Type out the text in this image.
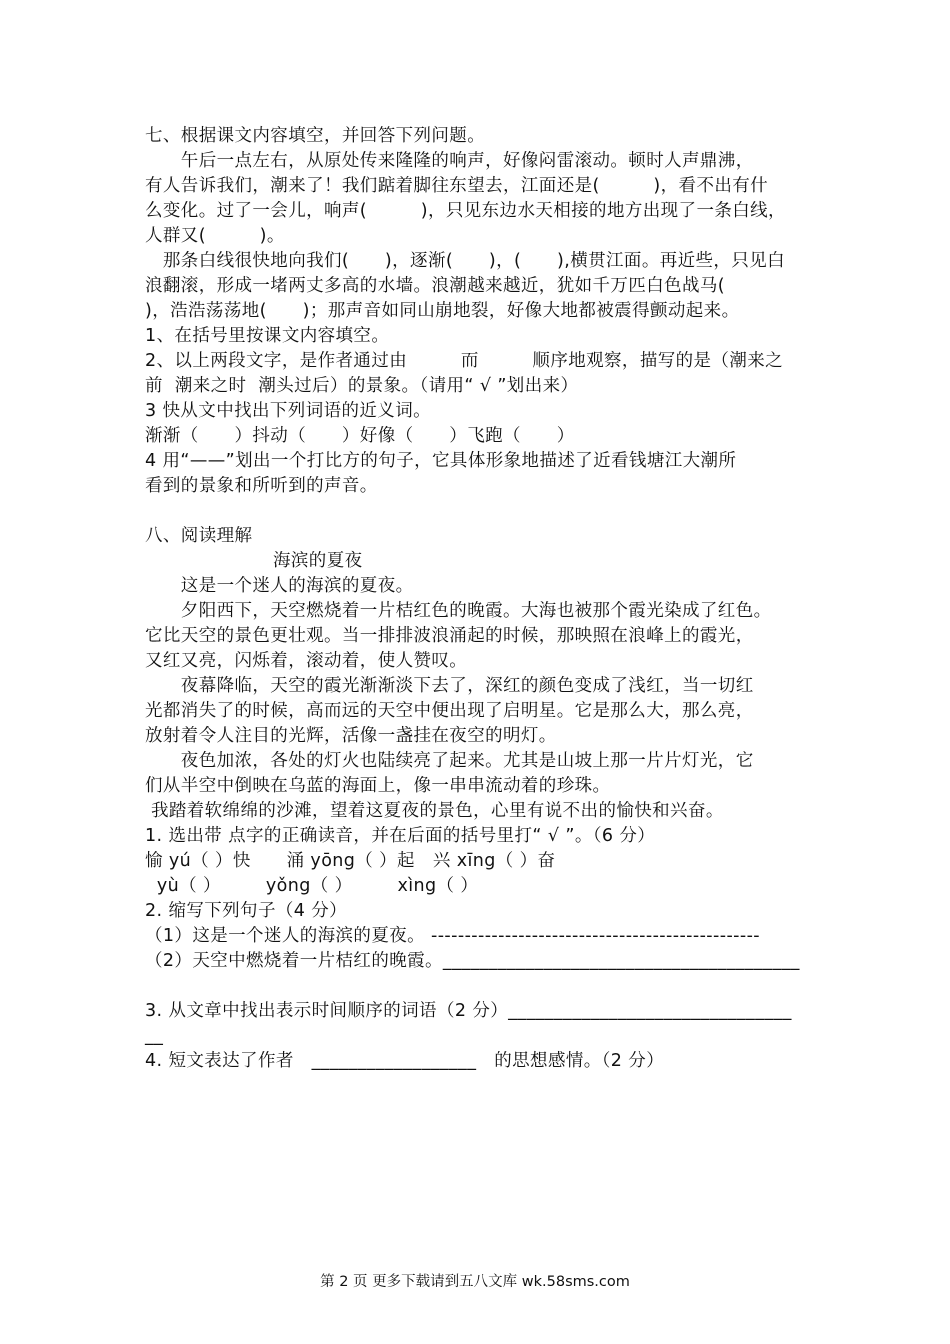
七、根据课文内容填空，并回答下列问题。
　　午后一点左右，从原处传来隆隆的响声，好像闷雷滚动。顿时人声鼎沸，
有人告诉我们，潮来了！我们踮着脚往东望去，江面还是(　　　)，看不出有什
么变化。过了一会儿，响声(　　　)，只见东边水天相接的地方出现了一条白线，
人群又(　　　)。
　那条白线很快地向我们(　　)，逐渐(　　)，(　　),横贯江面。再近些，只见白
浪翻滚，形成一堵两丈多高的水墙。浪潮越来越近，犹如千万匹白色战马(
)，浩浩荡荡地(　　)；那声音如同山崩地裂，好像大地都被震得颤动起来。
1、在括号里按课文内容填空。
2、以上两段文字，是作者通过由　　　而　　　顺序地观察，描写的是（潮来之
前  潮来之时  潮头过后）的景象。（请用“ √ ”划出来）
3 快从文中找出下列词语的近义词。
渐渐（　　）抖动（　　）好像（　　）飞跑（　　）
4 用“——”划出一个打比方的句子，它具体形象地描述了近看钱塘江大潮所
看到的景象和所听到的声音。
八、阅读理解
海滨的夏夜
　　这是一个迷人的海滨的夏夜。
　　夕阳西下，天空燃烧着一片桔红色的晚霞。大海也被那个霞光染成了红色。
它比天空的景色更壮观。当一排排波浪涌起的时候，那映照在浪峰上的霞光，
又红又亮，闪烁着，滚动着，使人赞叹。
　　夜幕降临，天空的霞光渐渐淡下去了，深红的颜色变成了浅红，当一切红
光都消失了的时候，高而远的天空中便出现了启明星。它是那么大，那么亮，
放射着令人注目的光辉，活像一盏挂在夜空的明灯。
　　夜色加浓，各处的灯火也陆续亮了起来。尤其是山坡上那一片片灯光，它
们从半空中倒映在乌蓝的海面上，像一串串流动着的珍珠。
我踏着软绵绵的沙滩，望着这夏夜的景色，心里有说不出的愉快和兴奋。
1. 选出带 点字的正确读音，并在后面的括号里打“ √ ”。（6 分）
愉 yú（ ）快　　涌 yōng（ ）起　兴 xīng（ ）奋
yù（ ）　　　yǒng（ ）　　　xìng（ ）
2. 缩写下列句子（4 分）
（1）这是一个迷人的海滨的夏夜。 -------------------------------------------------
（2）天空中燃烧着一片桔红的晚霞。_______________________________________
3. 从文章中找出表示时间顺序的词语（2 分）_______________________________
__
4. 短文表达了作者　__________________　的思想感情。（2 分）
第 2 页 更多下载请到五八文库 wk.58sms.com
